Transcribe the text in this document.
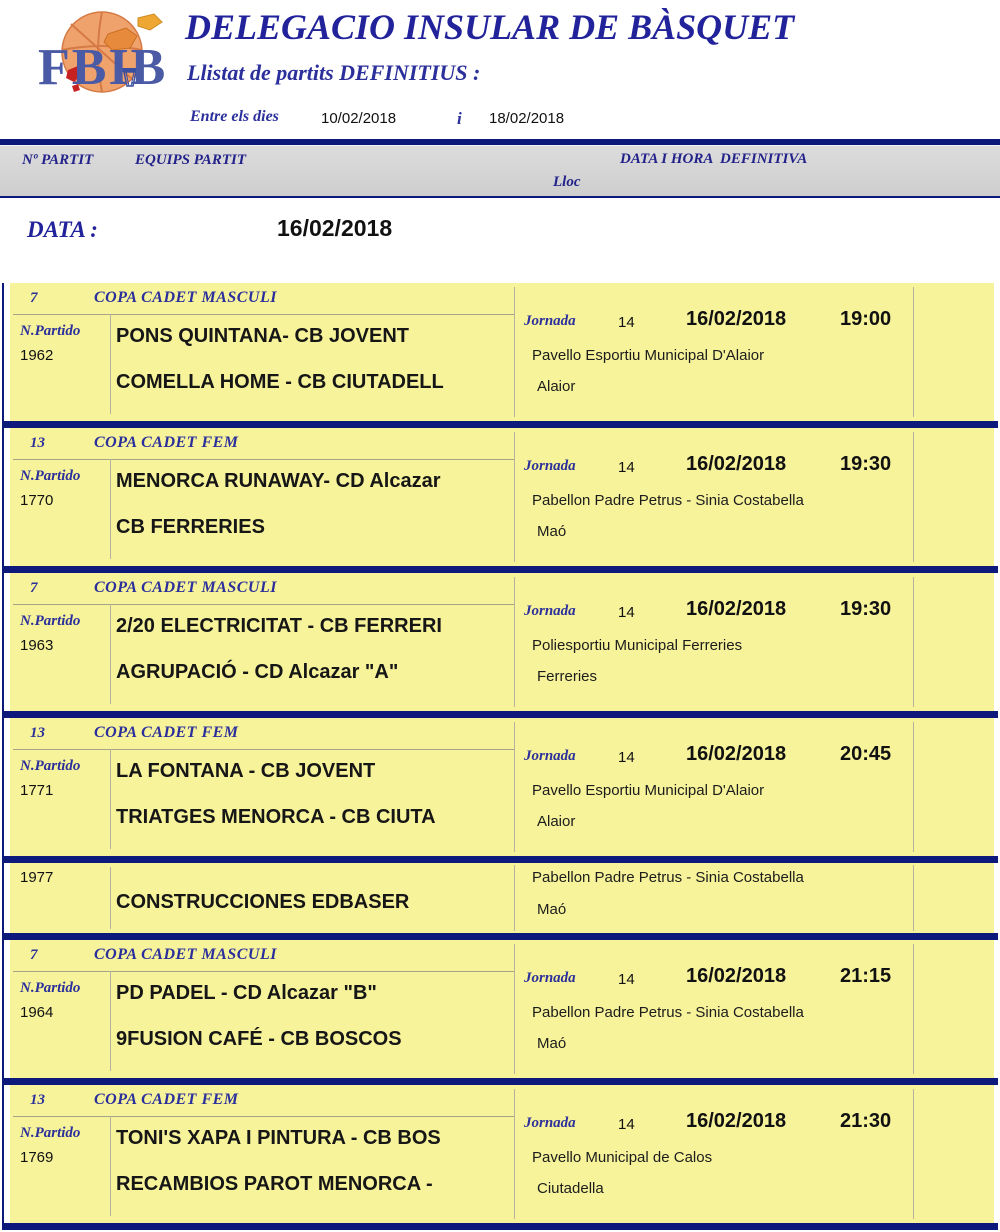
FBIB
DELEGACIO INSULAR DE BÀSQUET
Llistat de partits DEFINITIUS :
Entre els dies	10/02/2018	i 18/02/2018
Nº PARTIT	EQUIPS PARTIT	DATA I HORA  DEFINITIVA
Lloc
DATA :	16/02/2018
7	COPA CADET MASCULI
N.Partido
1962
PONS QUINTANA- CB JOVENT
COMELLA HOME - CB CIUTADELL
Jornada	14	16/02/2018	19:00
Pavello Esportiu Municipal D'Alaior
Alaior
13	COPA CADET FEM
N.Partido
1770
MENORCA RUNAWAY- CD Alcazar
CB FERRERIES
Jornada	14	16/02/2018	19:30
Pabellon Padre Petrus - Sinia Costabella
Maó
7	COPA CADET MASCULI
N.Partido
1963
2/20 ELECTRICITAT - CB FERRERI
AGRUPACIÓ - CD Alcazar "A"
Jornada	14	16/02/2018	19:30
Poliesportiu Municipal Ferreries
Ferreries
13	COPA CADET FEM
N.Partido
1771
LA FONTANA - CB JOVENT
TRIATGES MENORCA - CB CIUTA
Jornada	14	16/02/2018	20:45
Pavello Esportiu Municipal D'Alaior
Alaior
1977
CONSTRUCCIONES EDBASER
Pabellon Padre Petrus - Sinia Costabella
Maó
7	COPA CADET MASCULI
N.Partido
1964
PD PADEL - CD Alcazar "B"
9FUSION CAFÉ - CB BOSCOS
Jornada	14	16/02/2018	21:15
Pabellon Padre Petrus - Sinia Costabella
Maó
13	COPA CADET FEM
N.Partido
1769
TONI'S XAPA I PINTURA - CB BOS
RECAMBIOS PAROT MENORCA -
Jornada	14	16/02/2018	21:30
Pavello Municipal de Calos
Ciutadella
